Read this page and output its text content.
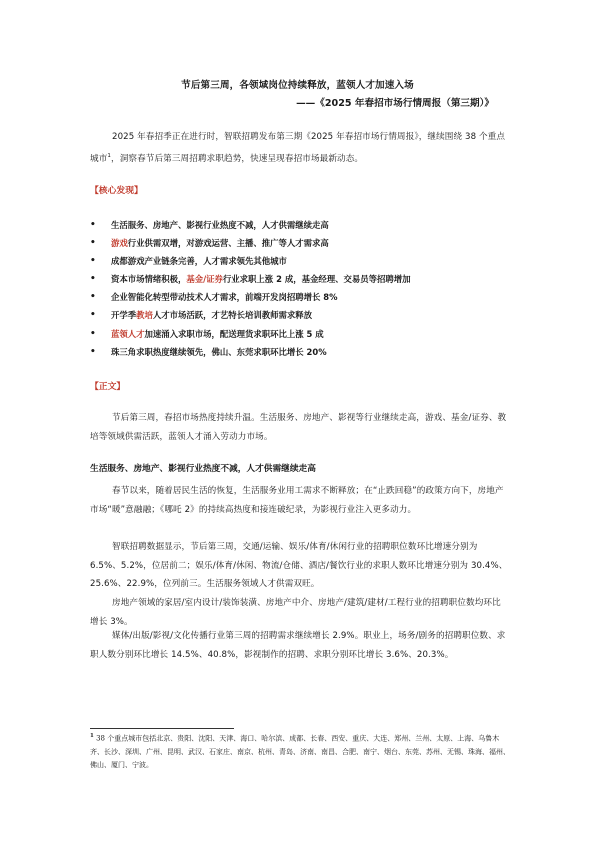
节后第三周，各领域岗位持续释放，蓝领人才加速入场
——《2025 年春招市场行情周报（第三期）》
2025 年春招季正在进行时，智联招聘发布第三期《2025 年春招市场行情周报》，继续围绕 38 个重点城市$^1$，洞察春节后第三周招聘求职趋势，快速呈现春招市场最新动态。
【核心发现】
• 生活服务、房地产、影视行业热度不减，人才供需继续走高
• 游戏行业供需双增，对游戏运营、主播、推广等人才需求高
• 成都游戏产业链条完善，人才需求领先其他城市
• 资本市场情绪积极，基金/证券行业求职上涨 2 成，基金经理、交易员等招聘增加
• 企业智能化转型带动技术人才需求，前端开发岗招聘增长 8%
• 开学季教培人才市场活跃，才艺特长培训教师需求释放
• 蓝领人才加速涌入求职市场，配送理货求职环比上涨 5 成
• 珠三角求职热度继续领先，佛山、东莞求职环比增长 20%
【正文】
节后第三周，春招市场热度持续升温。生活服务、房地产、影视等行业继续走高，游戏、基金/证券、教培等领域供需活跃，蓝领人才涌入劳动力市场。
生活服务、房地产、影视行业热度不减，人才供需继续走高
春节以来，随着居民生活的恢复，生活服务业用工需求不断释放；在“止跌回稳”的政策方向下，房地产市场“暖”意融融；《哪吒 2》的持续高热度和接连破纪录，为影视行业注入更多动力。
智联招聘数据显示，节后第三周，交通/运输、娱乐/体育/休闲行业的招聘职位数环比增速分别为 6.5%、5.2%，位居前二；娱乐/体育/休闲、物流/仓储、酒店/餐饮行业的求职人数环比增速分别为 30.4%、25.6%、22.9%，位列前三。生活服务领域人才供需双旺。
房地产领域的家居/室内设计/装饰装潢、房地产中介、房地产/建筑/建材/工程行业的招聘职位数均环比增长 3%。
媒体/出版/影视/文化传播行业第三周的招聘需求继续增长 2.9%。职业上，场务/剧务的招聘职位数、求职人数分别环比增长 14.5%、40.8%，影视制作的招聘、求职分别环比增长 3.6%、20.3%。
$^1$ 38 个重点城市包括北京、贵阳、沈阳、天津、海口、哈尔滨、成都、长春、西安、重庆、大连、郑州、兰州、太原、上海、乌鲁木齐、长沙、深圳、广州、昆明、武汉、石家庄、南京、杭州、青岛、济南、南昌、合肥、南宁、烟台、东莞、苏州、无锡、珠海、福州、佛山、厦门、宁波。
